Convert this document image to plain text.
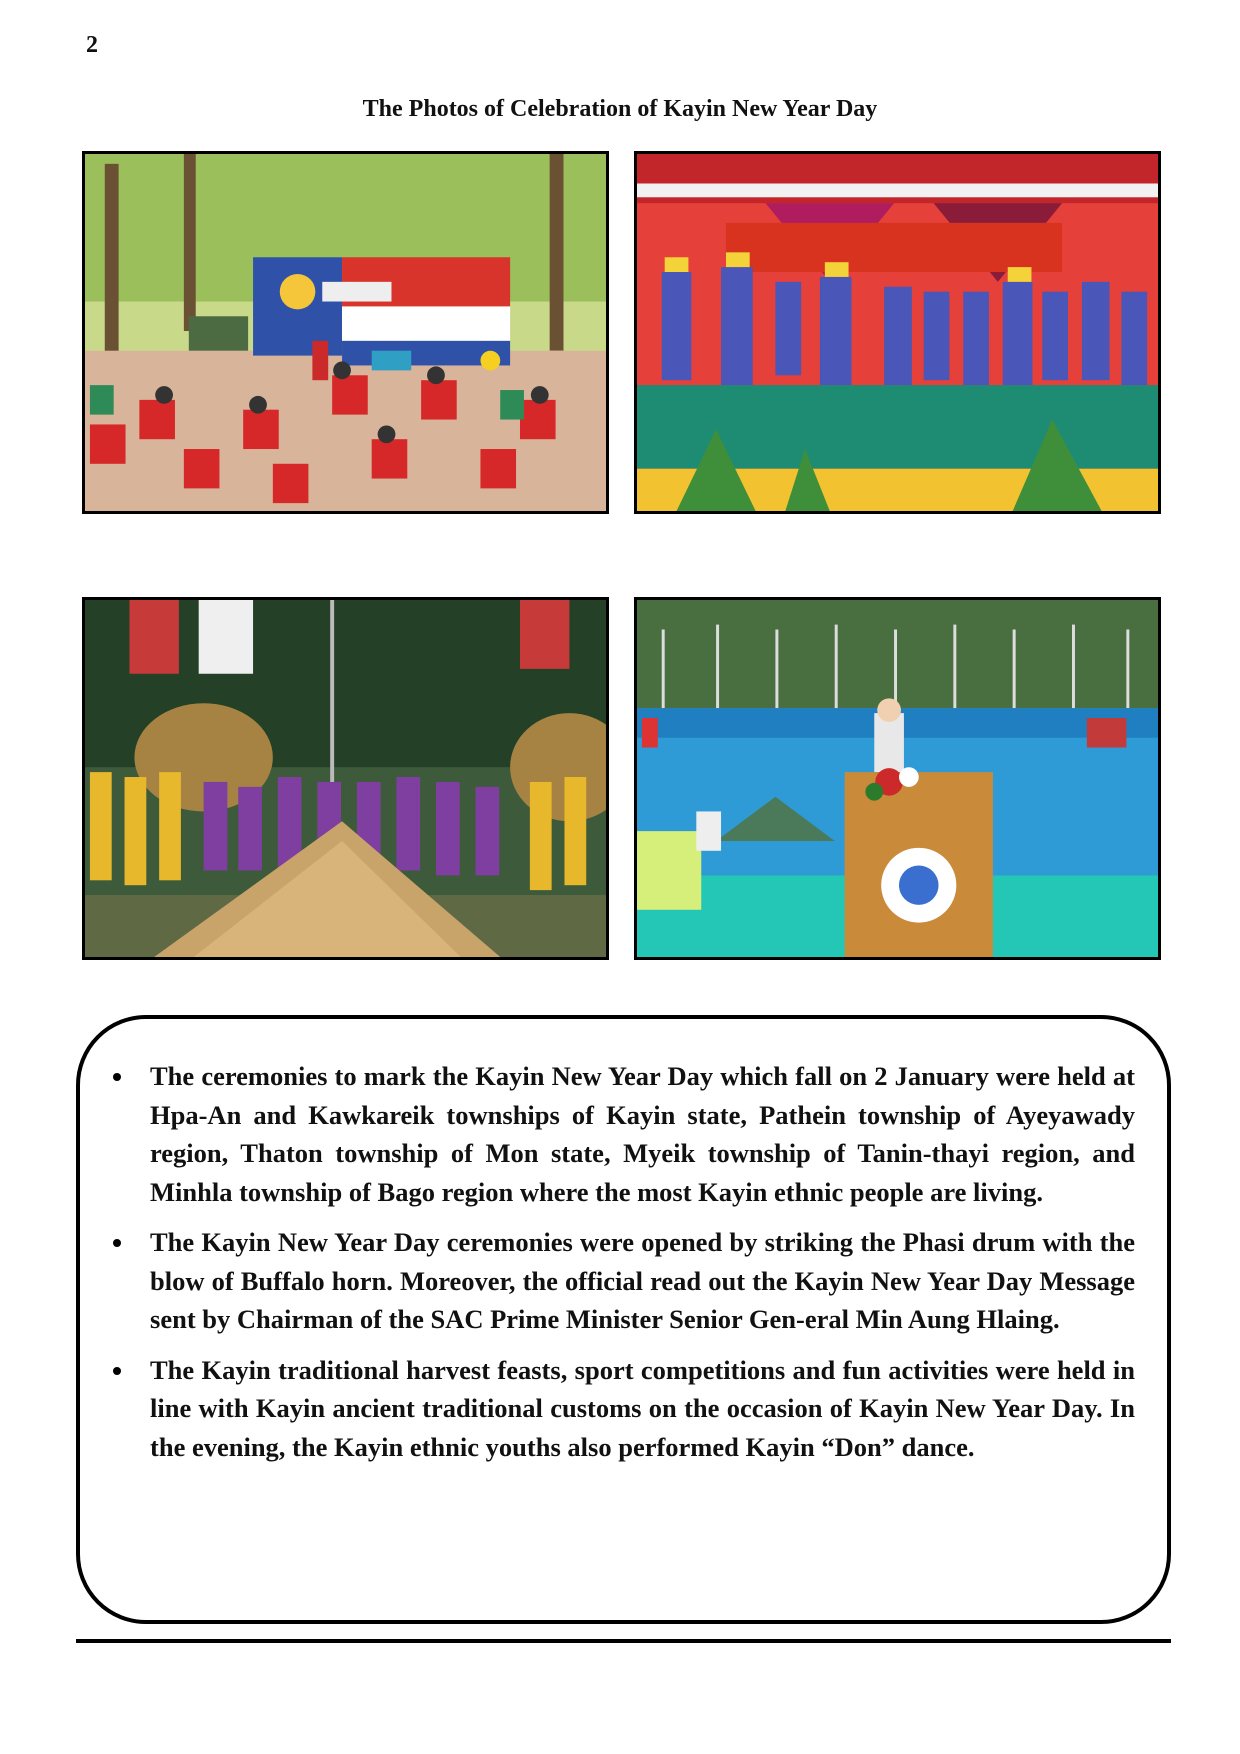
2
The Photos of Celebration of Kayin New Year Day
The ceremonies to mark the Kayin New Year Day which fall on 2 January were held at Hpa-An and Kawkareik townships of Kayin state, Pathein township of Ayeyawady region, Thaton township of Mon state, Myeik township of Tanin-thayi region, and Minhla township of Bago region where the most Kayin ethnic people are living.
The Kayin New Year Day ceremonies were opened by striking the Phasi drum with the blow of Buffalo horn. Moreover, the official read out the Kayin New Year Day Message sent by Chairman of the SAC Prime Minister Senior Gen-eral Min Aung Hlaing.
The Kayin traditional harvest feasts, sport competitions and fun activities were held in line with Kayin ancient traditional customs on the occasion of Kayin New Year Day. In the evening, the Kayin ethnic youths also performed Kayin “Don” dance.
